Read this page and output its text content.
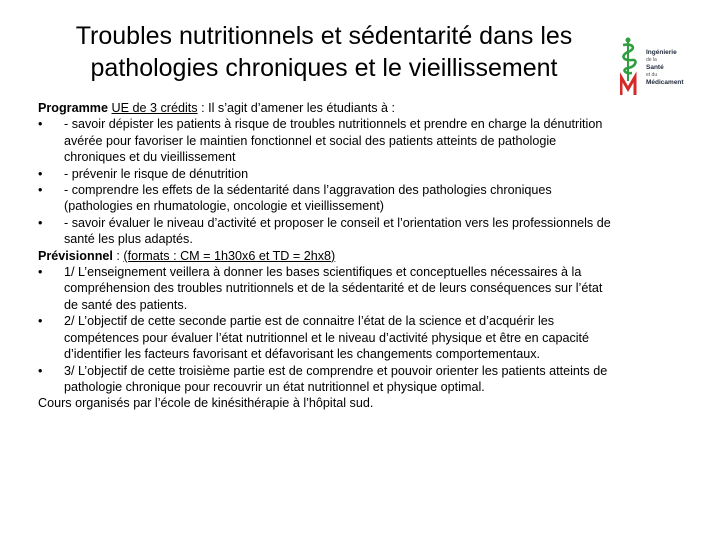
Troubles nutritionnels et sédentarité dans les
pathologies chroniques et le vieillissement
Ingénierie
de la
Santé
et du
Médicament
Programme UE de 3 crédits : Il s’agit d’amener les étudiants à :
•	- savoir dépister les patients à risque de troubles nutritionnels et prendre en charge la dénutrition
avérée pour favoriser le maintien fonctionnel et social des patients atteints de pathologie
chroniques et du vieillissement
•	- prévenir le risque de dénutrition
•	- comprendre les effets de la sédentarité dans l’aggravation des pathologies chroniques
(pathologies en rhumatologie, oncologie et vieillissement)
•	- savoir évaluer le niveau d’activité et proposer le conseil et l’orientation vers les professionnels de
santé les plus adaptés.
Prévisionnel : (formats : CM = 1h30x6 et TD = 2hx8)
•	1/ L’enseignement veillera à donner les bases scientifiques et conceptuelles nécessaires à la
compréhension des troubles nutritionnels et de la sédentarité et de leurs conséquences sur l’état
de santé des patients.
•	2/ L’objectif de cette seconde partie est de connaitre l’état de la science et d’acquérir les
compétences pour évaluer l’état nutritionnel et le niveau d’activité physique et être en capacité
d’identifier les facteurs favorisant et défavorisant les changements comportementaux.
•	3/ L’objectif de cette troisième partie est de comprendre et pouvoir orienter les patients atteints de
pathologie chronique pour recouvrir un état nutritionnel et physique optimal.
Cours organisés par l’école de kinésithérapie à l’hôpital sud.
